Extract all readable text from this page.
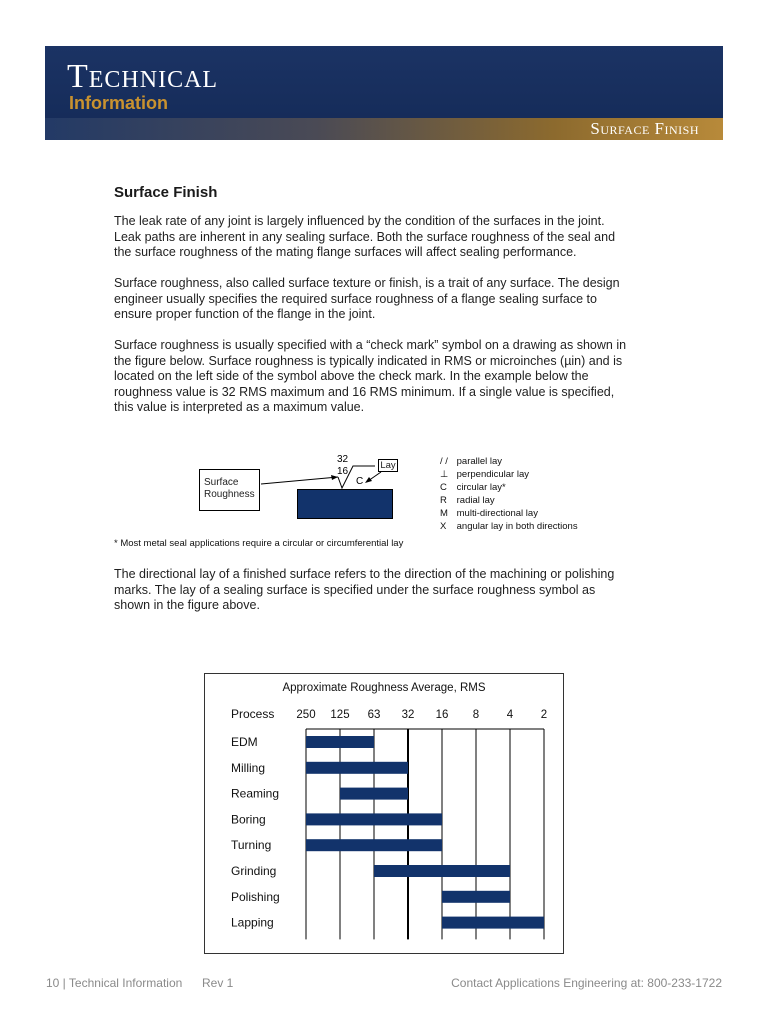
Technical
Information
Surface Finish
Surface Finish

The leak rate of any joint is largely influenced by the condition of the surfaces in the joint. Leak paths are inherent in any sealing surface. Both the surface roughness of the seal and the surface roughness of the mating flange surfaces will affect sealing performance.

Surface roughness, also called surface texture or finish, is a trait of any surface. The design engineer usually specifies the required surface roughness of a flange sealing surface to ensure proper function of the flange in the joint.

Surface roughness is usually specified with a “check mark” symbol on a drawing as shown in the figure below. Surface roughness is typically indicated in RMS or microinches (µin) and is located on the left side of the symbol above the check mark. In the example below the roughness value is 32 RMS maximum and 16 RMS minimum. If a single value is specified, this value is interpreted as a maximum value.

Surface
Roughness
32
16
Lay
C
/ / parallel lay
⊥ perpendicular lay
C circular lay*
R radial lay
M multi-directional lay
X angular lay in both directions
* Most metal seal applications require a circular or circumferential lay

The directional lay of a finished surface refers to the direction of the machining or polishing marks. The lay of a sealing surface is specified under the surface roughness symbol as shown in the figure above.

Approximate Roughness Average, RMS
Process 250 125 63 32 16 8 4 2
EDM
Milling
Reaming
Boring
Turning
Grinding
Polishing
Lapping
10 | Technical Information Rev 1	Contact Applications Engineering at: 800-233-1722
